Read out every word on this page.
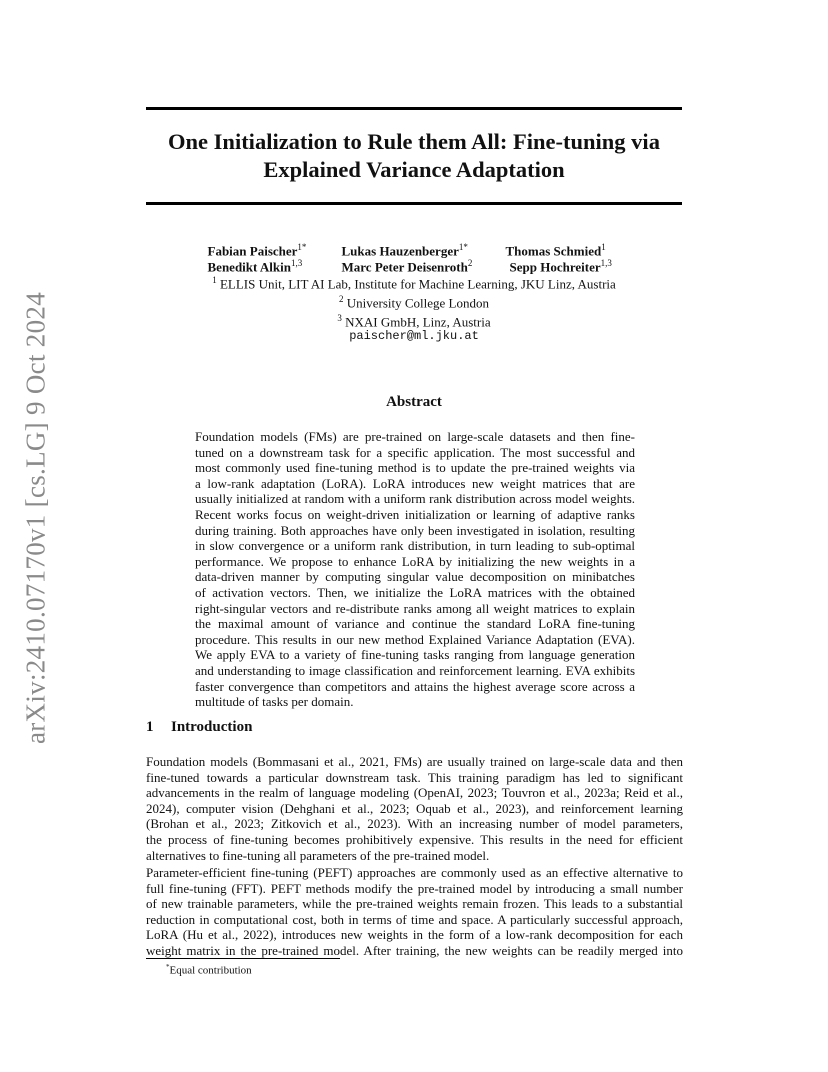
arXiv:2410.07170v1 [cs.LG] 9 Oct 2024
One Initialization to Rule them All: Fine-tuning via
Explained Variance Adaptation
Fabian Paischer$^{1*}$	Lukas Hauzenberger$^{1*}$	Thomas Schmied$^1$
Benedikt Alkin$^{1,3}$	Marc Peter Deisenroth$^2$	Sepp Hochreiter$^{1,3}$
$^1$ ELLIS Unit, LIT AI Lab, Institute for Machine Learning, JKU Linz, Austria
$^2$ University College London
$^3$ NXAI GmbH, Linz, Austria
paischer@ml.jku.at
Abstract
Foundation models (FMs) are pre-trained on large-scale datasets and then fine-
tuned on a downstream task for a specific application. The most successful and
most commonly used fine-tuning method is to update the pre-trained weights via
a low-rank adaptation (LoRA). LoRA introduces new weight matrices that are
usually initialized at random with a uniform rank distribution across model weights.
Recent works focus on weight-driven initialization or learning of adaptive ranks
during training. Both approaches have only been investigated in isolation, resulting
in slow convergence or a uniform rank distribution, in turn leading to sub-optimal
performance. We propose to enhance LoRA by initializing the new weights in a
data-driven manner by computing singular value decomposition on minibatches
of activation vectors. Then, we initialize the LoRA matrices with the obtained
right-singular vectors and re-distribute ranks among all weight matrices to explain
the maximal amount of variance and continue the standard LoRA fine-tuning
procedure. This results in our new method Explained Variance Adaptation (EVA).
We apply EVA to a variety of fine-tuning tasks ranging from language generation
and understanding to image classification and reinforcement learning. EVA exhibits
faster convergence than competitors and attains the highest average score across a
multitude of tasks per domain.
1 Introduction
Foundation models (Bommasani et al., 2021, FMs) are usually trained on large-scale data and then
fine-tuned towards a particular downstream task. This training paradigm has led to significant
advancements in the realm of language modeling (OpenAI, 2023; Touvron et al., 2023a; Reid et al.,
2024), computer vision (Dehghani et al., 2023; Oquab et al., 2023), and reinforcement learning
(Brohan et al., 2023; Zitkovich et al., 2023). With an increasing number of model parameters,
the process of fine-tuning becomes prohibitively expensive. This results in the need for efficient
alternatives to fine-tuning all parameters of the pre-trained model.
Parameter-efficient fine-tuning (PEFT) approaches are commonly used as an effective alternative to
full fine-tuning (FFT). PEFT methods modify the pre-trained model by introducing a small number
of new trainable parameters, while the pre-trained weights remain frozen. This leads to a substantial
reduction in computational cost, both in terms of time and space. A particularly successful approach,
LoRA (Hu et al., 2022), introduces new weights in the form of a low-rank decomposition for each
weight matrix in the pre-trained model. After training, the new weights can be readily merged into
*Equal contribution
